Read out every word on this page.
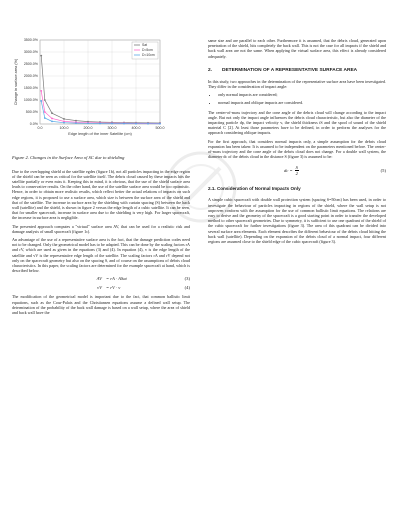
0.0%
500.0%
1000.0%
1500.0%
2000.0%
2500.0%
3000.0%
3500.0%
0.0	100.0	200.0	300.0	400.0	500.0
Edge length of the inner Satellite (cm)
Change in surface area (%)
Sat
D=5cm
D=10cm

Figure 2. Changes in the Surface Area of SC due to shielding

Due to the overlapping shield at the satellite egdes (figure 1b), not all particles impacting in the edge region of the shield can be seen as critical for the satellite itself. The debris cloud caused by these impacts hits the satellite partially or even miss it. Keeping this in mind, it is obvious, that the use of the shield surface area leads to conservative results. On the other hand, the use of the satellite surface area would be too optimistic. Hence, in order to obtain more realistic results, which reflect better the actual relations of impacts on such edge regions, it is proposed to use a surface area, which size is between the surface area of the shield and that of the satellite. The increase in surface area by the shielding with curtain spacing (S) between the back wall (satellite) and the shield, is shown in figure 2 versus the edge length of a cubic satellite. It can be seen, that for smaller spacecraft, increase in surface area due to the shielding is very high. For larger spacecraft, the increase in surface area is negligible.

The presented approach computes a "virtual" surface area AV, that can be used for a realistic risk and damage analysis of small spacecraft (figure 1c).

An advantage of the use of a representative surface area is the fact, that the damage prediction codes need not to be changed. Only the geometrical model has to be adapted. This can be done by the scaling factors rA and rV, which are used as given in the equations (3) and (4). In equation (4), v is the edge length of the satellite and vV is the representative edge length of the satellite. The scaling factors rA and rV depend not only on the spacecraft geometry but also on the spacing S, and of course on the assumptions of debris cloud characteristics. In this paper, the scaling factors are determined for the example spacecraft at hand, which is described below.

AV = rA · ASat	(3)
vV = rV · v	(4)

The modification of the geometrical model is important due to the fact, that common ballistic limit equations, such as the Cour-Palais and the Christiansen equations assume a defined wall setup. The determination of the probability of the back wall damage is based on a wall setup, where the area of shield and back wall have the

same size and are parallel to each other. Furthermore it is assumed, that the debris cloud, generated upon penetration of the shield, hits completely the back wall. This is not the case for all impacts if the shield and back wall area are not the same. When applying the virtual surface area, this effect is already considered adequately.

2.	DETERMINATION OF A REPRESENTATIVE SURFACE AREA

In this study, two approaches in the determination of the representative surface area have been investigated. They differ in the consideration of impact angle:

• only normal impacts are considered;
• normal impacts and oblique impacts are considered.

The center-of-mass trajectory and the cone angle of the debris cloud will change according to the impact angle. But not only the impact angle influences the debris cloud characteristic, but also the diameter of the impacting particle dp, the impact velocity v, the shield thickness tS and the spool of sound of the shield material C [2]. At least those parameters have to be defined, in order to perform the analyses for the approach considering oblique impacts.

For the first approach, that considers normal impacts only, a simple assumption for the debris cloud expansion has been taken: It is assumed to be independent on the parameters mentioned before. The center-of-mass trajectory and the cone angle of the debris cloud does not change. For a double wall system, the diameter dc of the debris cloud in the distance S (figure 3) is assumed to be:

dc = $\frac{S}{2}$	(5)
2.1. Consideration of Normal Impacts Only

A simple cubic spacecraft with double wall protection system (spacing S=50cm) has been used, in order to investigate the behaviour of particles impacting in regions of the shield, where the wall setup is not unproven conform with the assumption for the use of common ballistic limit equations. The relations are easy to derive and the geometry of the spacecraft is a good starting point in order to transfer the developed method to other spacecraft geometries. Due to symmetry, it is sufficient to use one quadrant of the shield of the cubic spacecraft for further investigations (figure 3). The area of this quadrant can be divided into several surface area elements. Each element describes the different behaviour of the debris cloud hitting the back wall (satellite). Depending on the expansion of the debris cloud of a normal impact, four different regions are assumed close to the shield edge of the cubic spacecraft (figure 3).
